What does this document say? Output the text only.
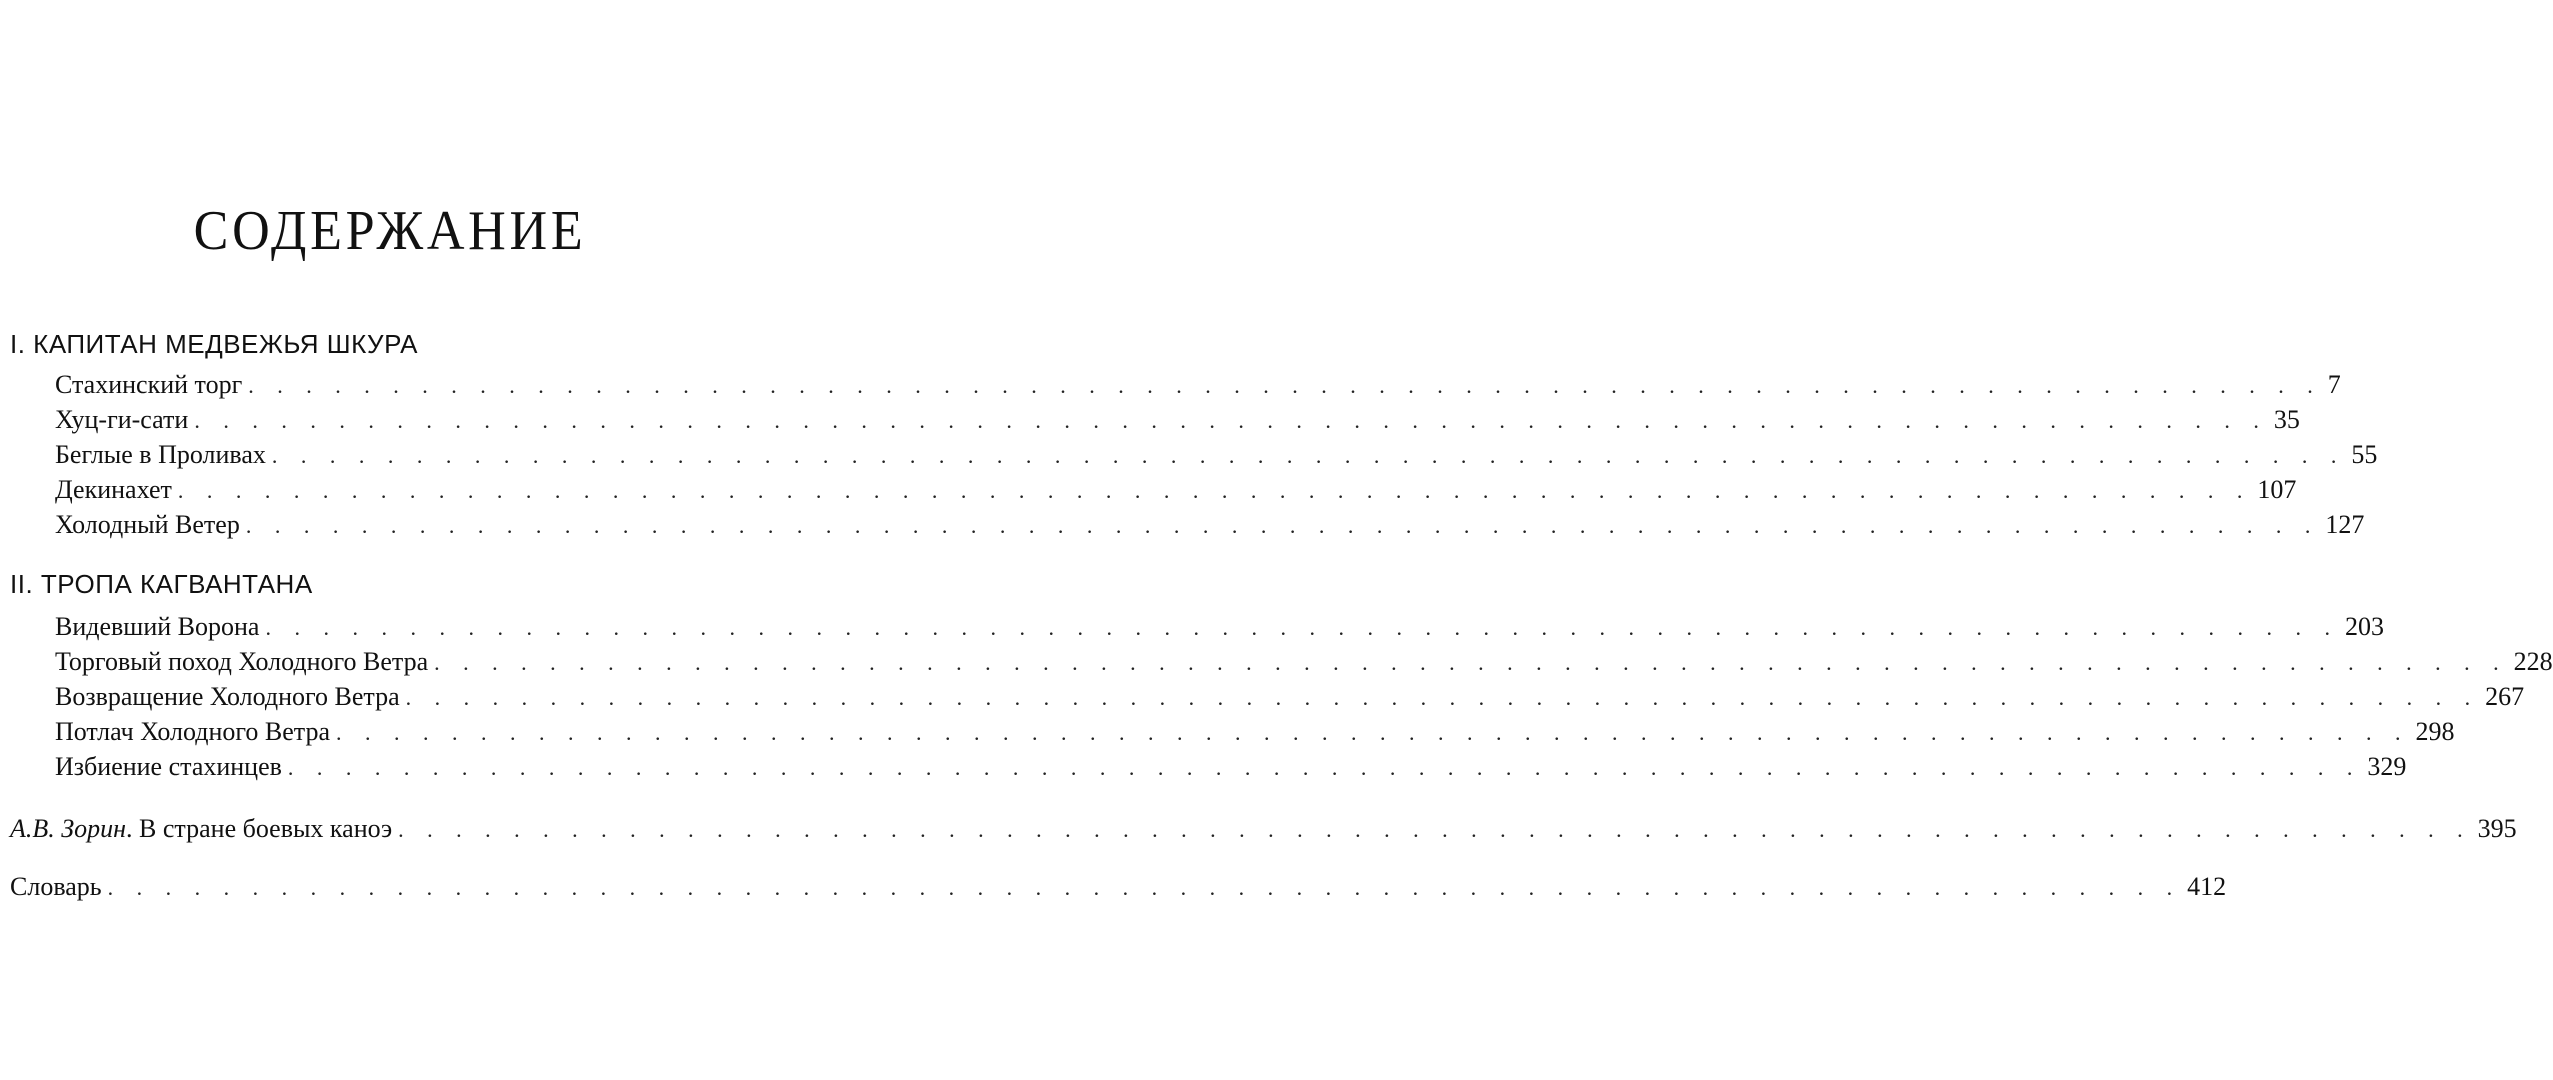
СОДЕРЖАНИЕ
I. КАПИТАН МЕДВЕЖЬЯ ШКУРА
Стахинский торг . . . . . . . . . . . . . . . . . . . . . . . . . . . . . . . . . . . . . . . . . . . . . . . . . . . . . . . . . . . . . . . . . . . . . . . . 7
Хуц-ги-сати . . . . . . . . . . . . . . . . . . . . . . . . . . . . . . . . . . . . . . . . . . . . . . . . . . . . . . . . . . . . . . . . . . . . . . . . 35
Беглые в Проливах . . . . . . . . . . . . . . . . . . . . . . . . . . . . . . . . . . . . . . . . . . . . . . . . . . . . . . . . . . . . . . . . . . . . . . . . 55
Декинахет . . . . . . . . . . . . . . . . . . . . . . . . . . . . . . . . . . . . . . . . . . . . . . . . . . . . . . . . . . . . . . . . . . . . . . . . 107
Холодный Ветер . . . . . . . . . . . . . . . . . . . . . . . . . . . . . . . . . . . . . . . . . . . . . . . . . . . . . . . . . . . . . . . . . . . . . . . . 127
II. ТРОПА КАГВАНТАНА
Видевший Ворона . . . . . . . . . . . . . . . . . . . . . . . . . . . . . . . . . . . . . . . . . . . . . . . . . . . . . . . . . . . . . . . . . . . . . . . . 203
Торговый поход Холодного Ветра . . . . . . . . . . . . . . . . . . . . . . . . . . . . . . . . . . . . . . . . . . . . . . . . . . . . . . . . . . . . . . . . . . . . . . . . 228
Возвращение Холодного Ветра . . . . . . . . . . . . . . . . . . . . . . . . . . . . . . . . . . . . . . . . . . . . . . . . . . . . . . . . . . . . . . . . . . . . . . . . 267
Потлач Холодного Ветра . . . . . . . . . . . . . . . . . . . . . . . . . . . . . . . . . . . . . . . . . . . . . . . . . . . . . . . . . . . . . . . . . . . . . . . . 298
Избиение стахинцев . . . . . . . . . . . . . . . . . . . . . . . . . . . . . . . . . . . . . . . . . . . . . . . . . . . . . . . . . . . . . . . . . . . . . . . . 329
А.В. Зорин. В стране боевых каноэ . . . . . . . . . . . . . . . . . . . . . . . . . . . . . . . . . . . . . . . . . . . . . . . . . . . . . . . . . . . . . . . . . . . . . . . . 395
Словарь . . . . . . . . . . . . . . . . . . . . . . . . . . . . . . . . . . . . . . . . . . . . . . . . . . . . . . . . . . . . . . . . . . . . . . . . 412
